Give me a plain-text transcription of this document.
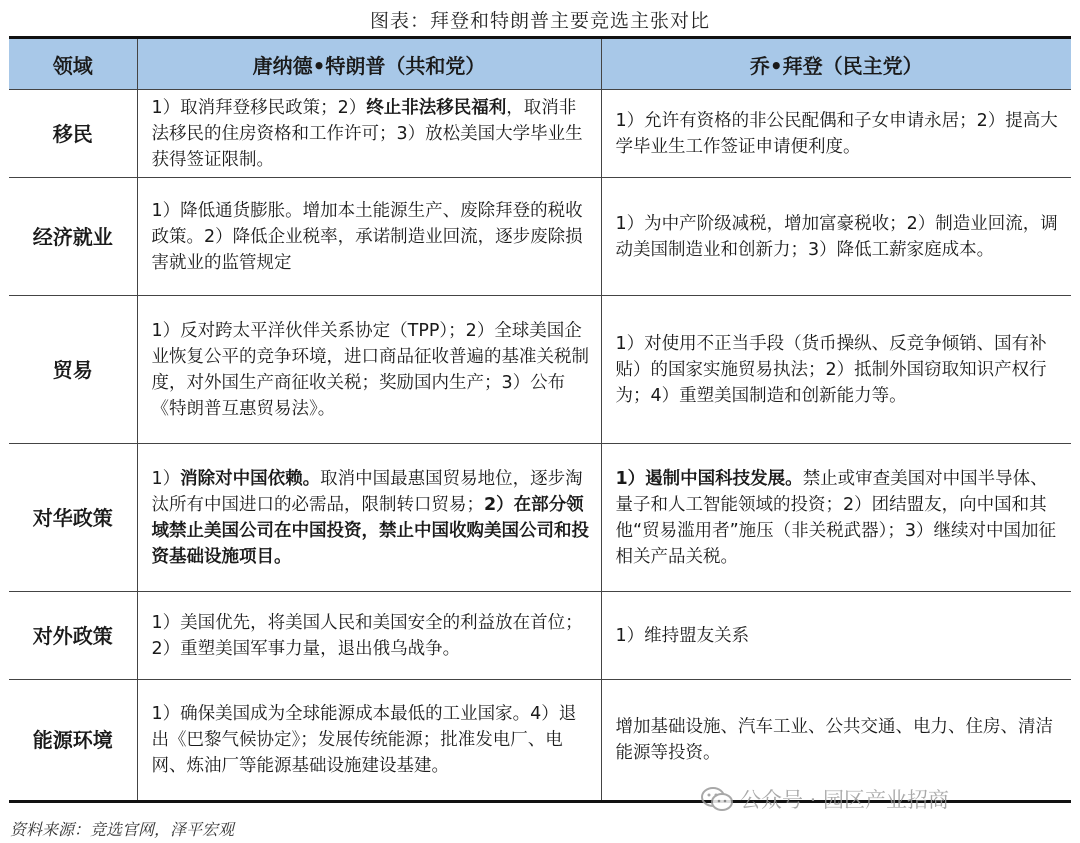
图表：拜登和特朗普主要竞选主张对比
领域	唐纳德•特朗普（共和党）	乔•拜登（民主党）
移民	1）取消拜登移民政策；2）终止非法移民福利，取消非法移民的住房资格和工作许可；3）放松美国大学毕业生获得签证限制。	1）允许有资格的非公民配偶和子女申请永居；2）提高大学毕业生工作签证申请便利度。
经济就业	1）降低通货膨胀。增加本土能源生产、废除拜登的税收政策。2）降低企业税率，承诺制造业回流，逐步废除损害就业的监管规定	1）为中产阶级减税，增加富豪税收；2）制造业回流，调动美国制造业和创新力；3）降低工薪家庭成本。
贸易	1）反对跨太平洋伙伴关系协定（TPP）；2）全球美国企业恢复公平的竞争环境，进口商品征收普遍的基准关税制度，对外国生产商征收关税；奖励国内生产；3）公布《特朗普互惠贸易法》。	1）对使用不正当手段（货币操纵、反竞争倾销、国有补贴）的国家实施贸易执法；2）抵制外国窃取知识产权行为；4）重塑美国制造和创新能力等。
对华政策	1）消除对中国依赖。取消中国最惠国贸易地位，逐步淘汰所有中国进口的必需品，限制转口贸易；2）在部分领域禁止美国公司在中国投资，禁止中国收购美国公司和投资基础设施项目。	1）遏制中国科技发展。禁止或审查美国对中国半导体、量子和人工智能领域的投资；2）团结盟友，向中国和其他“贸易滥用者”施压（非关税武器）；3）继续对中国加征相关产品关税。
对外政策	1）美国优先，将美国人民和美国安全的利益放在首位；2）重塑美国军事力量，退出俄乌战争。	1）维持盟友关系
能源环境	1）确保美国成为全球能源成本最低的工业国家。4）退出《巴黎气候协定》；发展传统能源；批准发电厂、电网、炼油厂等能源基础设施建设基建。	增加基础设施、汽车工业、公共交通、电力、住房、清洁能源等投资。
资料来源：竞选官网，泽平宏观
公众号 · 园区产业招商
